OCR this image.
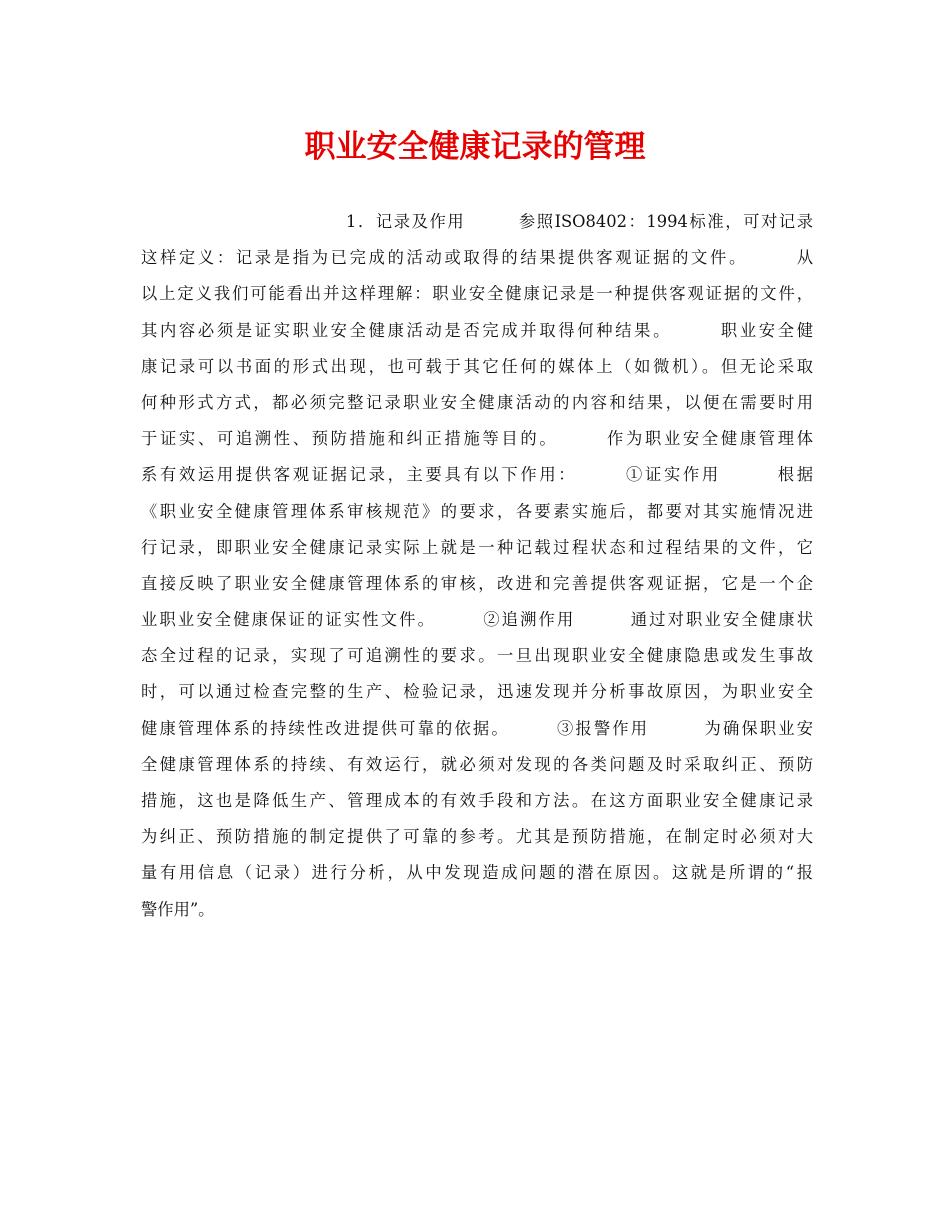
职业安全健康记录的管理
1．记录及作用　　　参照ISO8402：1994标准，可对记录
这样定义：记录是指为已完成的活动或取得的结果提供客观证据的文件。　　　从
以上定义我们可能看出并这样理解：职业安全健康记录是一种提供客观证据的文件，
其内容必须是证实职业安全健康活动是否完成并取得何种结果。　　　职业安全健
康记录可以书面的形式出现，也可载于其它任何的媒体上（如微机）。但无论采取
何种形式方式，都必须完整记录职业安全健康活动的内容和结果，以便在需要时用
于证实、可追溯性、预防措施和纠正措施等目的。　　　作为职业安全健康管理体
系有效运用提供客观证据记录，主要具有以下作用：　　　①证实作用　　　根据
《职业安全健康管理体系审核规范》的要求，各要素实施后，都要对其实施情况进
行记录，即职业安全健康记录实际上就是一种记载过程状态和过程结果的文件，它
直接反映了职业安全健康管理体系的审核，改进和完善提供客观证据，它是一个企
业职业安全健康保证的证实性文件。　　　②追溯作用　　　通过对职业安全健康状
态全过程的记录，实现了可追溯性的要求。一旦出现职业安全健康隐患或发生事故
时，可以通过检查完整的生产、检验记录，迅速发现并分析事故原因，为职业安全
健康管理体系的持续性改进提供可靠的依据。　　　③报警作用　　　为确保职业安
全健康管理体系的持续、有效运行，就必须对发现的各类问题及时采取纠正、预防
措施，这也是降低生产、管理成本的有效手段和方法。在这方面职业安全健康记录
为纠正、预防措施的制定提供了可靠的参考。尤其是预防措施，在制定时必须对大
量有用信息（记录）进行分析，从中发现造成问题的潜在原因。这就是所谓的“报
警作用”。
